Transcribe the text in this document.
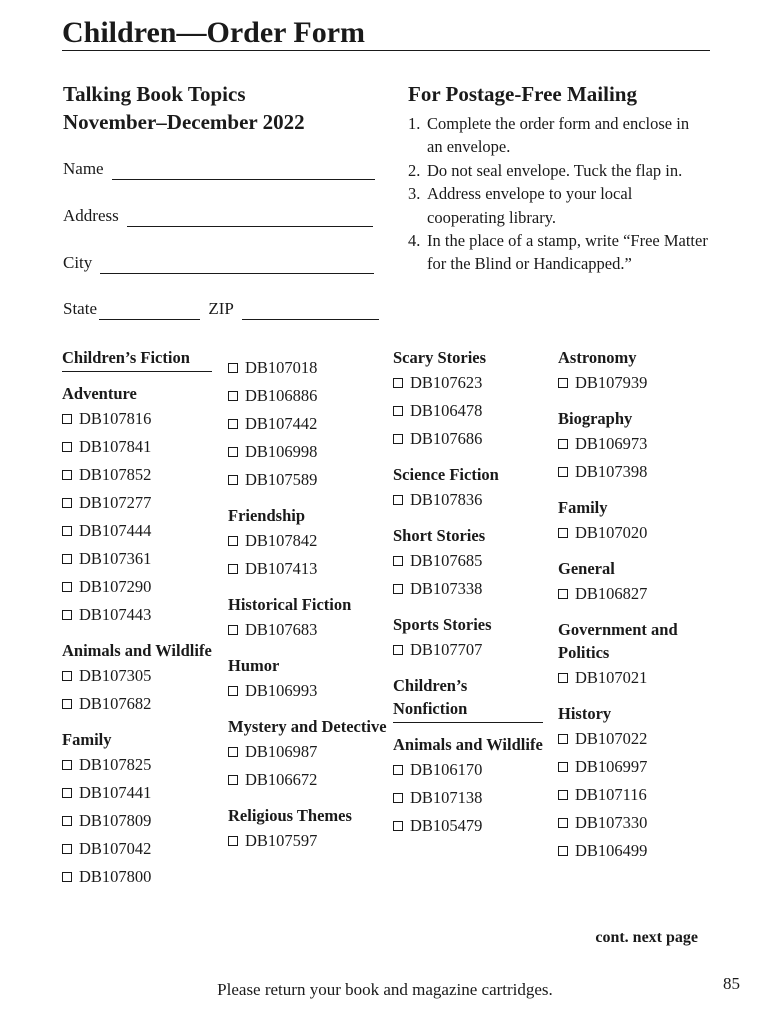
Children—Order Form
Talking Book Topics
November–December 2022
Name
Address
City
State	ZIP
For Postage-Free Mailing
1. Complete the order form and enclose in an envelope.
2. Do not seal envelope. Tuck the flap in.
3. Address envelope to your local cooperating library.
4. In the place of a stamp, write “Free Matter for the Blind or Handicapped.”
Children’s Fiction
Adventure
DB107816
DB107841
DB107852
DB107277
DB107444
DB107361
DB107290
DB107443
Animals and Wildlife
DB107305
DB107682
Family
DB107825
DB107441
DB107809
DB107042
DB107800
DB107018
DB106886
DB107442
DB106998
DB107589
Friendship
DB107842
DB107413
Historical Fiction
DB107683
Humor
DB106993
Mystery and Detective
DB106987
DB106672
Religious Themes
DB107597
Scary Stories
DB107623
DB106478
DB107686
Science Fiction
DB107836
Short Stories
DB107685
DB107338
Sports Stories
DB107707
Children’s Nonfiction
Animals and Wildlife
DB106170
DB107138
DB105479
Astronomy
DB107939
Biography
DB106973
DB107398
Family
DB107020
General
DB106827
Government and Politics
DB107021
History
DB107022
DB106997
DB107116
DB107330
DB106499
cont. next page
Please return your book and magazine cartridges.	85
